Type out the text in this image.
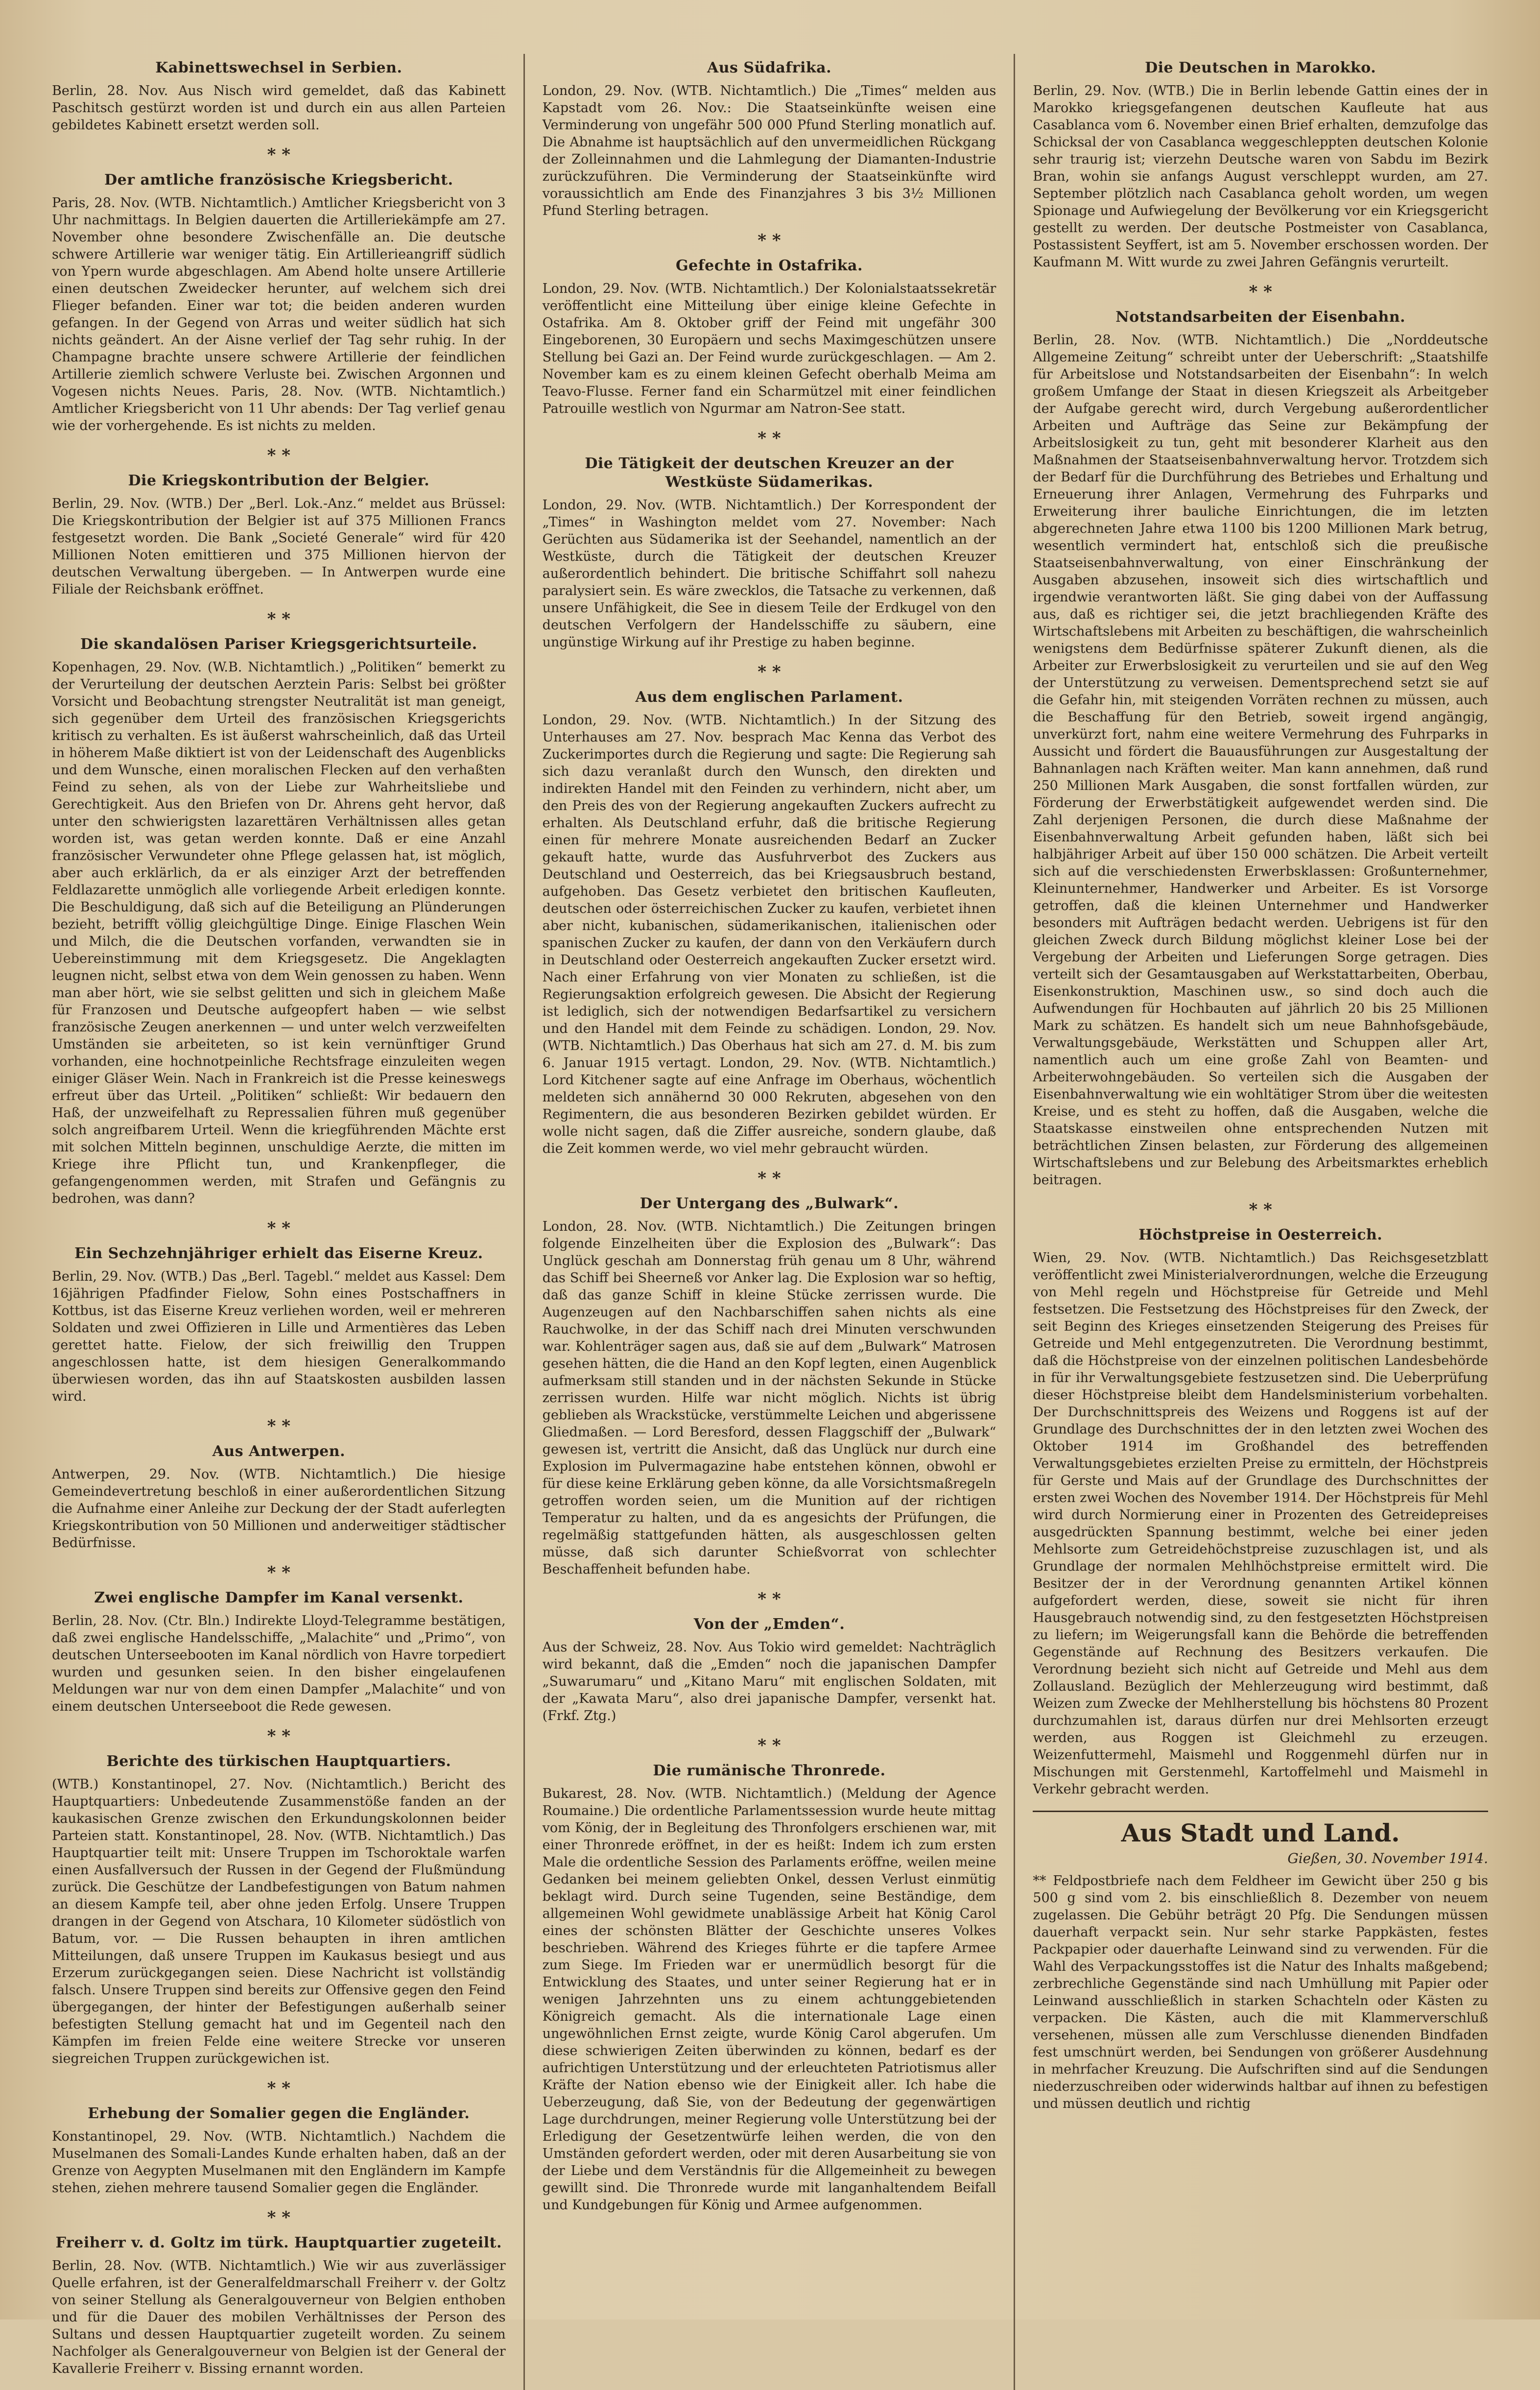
Kabinettswechsel in Serbien.

Berlin, 28. Nov. Aus Nisch wird gemeldet, daß das Kabinett Paschitsch gestürzt worden ist und durch ein aus allen Parteien gebildetes Kabinett ersetzt werden soll.

* *
Der amtliche französische Kriegsbericht.

Paris, 28. Nov. (WTB. Nichtamtlich.) Amtlicher Kriegsbericht von 3 Uhr nachmittags. In Belgien dauerten die Artilleriekämpfe am 27. November ohne besondere Zwischenfälle an. Die deutsche schwere Artillerie war weniger tätig. Ein Artillerieangriff südlich von Ypern wurde abgeschlagen. Am Abend holte unsere Artillerie einen deutschen Zweidecker herunter, auf welchem sich drei Flieger befanden. Einer war tot; die beiden anderen wurden gefangen. In der Gegend von Arras und weiter südlich hat sich nichts geändert. An der Aisne verlief der Tag sehr ruhig. In der Champagne brachte unsere schwere Artillerie der feindlichen Artillerie ziemlich schwere Verluste bei. Zwischen Argonnen und Vogesen nichts Neues. Paris, 28. Nov. (WTB. Nichtamtlich.) Amtlicher Kriegsbericht von 11 Uhr abends: Der Tag verlief genau wie der vorhergehende. Es ist nichts zu melden.

* *
Die Kriegskontribution der Belgier.

Berlin, 29. Nov. (WTB.) Der „Berl. Lok.-Anz.“ meldet aus Brüssel: Die Kriegskontribution der Belgier ist auf 375 Millionen Francs festgesetzt worden. Die Bank „Societé Generale“ wird für 420 Millionen Noten emittieren und 375 Millionen hiervon der deutschen Verwaltung übergeben. — In Antwerpen wurde eine Filiale der Reichsbank eröffnet.

* *
Die skandalösen Pariser Kriegsgerichtsurteile.

Kopenhagen, 29. Nov. (W.B. Nichtamtlich.) „Politiken“ bemerkt zu der Verurteilung der deutschen Aerztein Paris: Selbst bei größter Vorsicht und Beobachtung strengster Neutralität ist man geneigt, sich gegenüber dem Urteil des französischen Kriegsgerichts kritisch zu verhalten. Es ist äußerst wahrscheinlich, daß das Urteil in höherem Maße diktiert ist von der Leidenschaft des Augenblicks und dem Wunsche, einen moralischen Flecken auf den verhaßten Feind zu sehen, als von der Liebe zur Wahrheitsliebe und Gerechtigkeit. Aus den Briefen von Dr. Ahrens geht hervor, daß unter den schwierigsten lazarettären Verhältnissen alles getan worden ist, was getan werden konnte. Daß er eine Anzahl französischer Verwundeter ohne Pflege gelassen hat, ist möglich, aber auch erklärlich, da er als einziger Arzt der betreffenden Feldlazarette unmöglich alle vorliegende Arbeit erledigen konnte. Die Beschuldigung, daß sich auf die Beteiligung an Plünderungen bezieht, betrifft völlig gleichgültige Dinge. Einige Flaschen Wein und Milch, die die Deutschen vorfanden, verwandten sie in Uebereinstimmung mit dem Kriegsgesetz. Die Angeklagten leugnen nicht, selbst etwa von dem Wein genossen zu haben. Wenn man aber hört, wie sie selbst gelitten und sich in gleichem Maße für Franzosen und Deutsche aufgeopfert haben — wie selbst französische Zeugen anerkennen — und unter welch verzweifelten Umständen sie arbeiteten, so ist kein vernünftiger Grund vorhanden, eine hochnotpeinliche Rechtsfrage einzuleiten wegen einiger Gläser Wein. Nach in Frankreich ist die Presse keineswegs erfreut über das Urteil. „Politiken“ schließt: Wir bedauern den Haß, der unzweifelhaft zu Repressalien führen muß gegenüber solch angreifbarem Urteil. Wenn die kriegführenden Mächte erst mit solchen Mitteln beginnen, unschuldige Aerzte, die mitten im Kriege ihre Pflicht tun, und Krankenpfleger, die gefangengenommen werden, mit Strafen und Gefängnis zu bedrohen, was dann?

* *
Ein Sechzehnjähriger erhielt das Eiserne Kreuz.

Berlin, 29. Nov. (WTB.) Das „Berl. Tagebl.“ meldet aus Kassel: Dem 16jährigen Pfadfinder Fielow, Sohn eines Postschaffners in Kottbus, ist das Eiserne Kreuz verliehen worden, weil er mehreren Soldaten und zwei Offizieren in Lille und Armentières das Leben gerettet hatte. Fielow, der sich freiwillig den Truppen angeschlossen hatte, ist dem hiesigen Generalkommando überwiesen worden, das ihn auf Staatskosten ausbilden lassen wird.

* *
Aus Antwerpen.

Antwerpen, 29. Nov. (WTB. Nichtamtlich.) Die hiesige Gemeindevertretung beschloß in einer außerordentlichen Sitzung die Aufnahme einer Anleihe zur Deckung der der Stadt auferlegten Kriegskontribution von 50 Millionen und anderweitiger städtischer Bedürfnisse.

* *
Zwei englische Dampfer im Kanal versenkt.

Berlin, 28. Nov. (Ctr. Bln.) Indirekte Lloyd-Telegramme bestätigen, daß zwei englische Handelsschiffe, „Malachite“ und „Primo“, von deutschen Unterseebooten im Kanal nördlich von Havre torpediert wurden und gesunken seien. In den bisher eingelaufenen Meldungen war nur von dem einen Dampfer „Malachite“ und von einem deutschen Unterseeboot die Rede gewesen.

* *
Berichte des türkischen Hauptquartiers.

(WTB.) Konstantinopel, 27. Nov. (Nichtamtlich.) Bericht des Hauptquartiers: Unbedeutende Zusammenstöße fanden an der kaukasischen Grenze zwischen den Erkundungskolonnen beider Parteien statt. Konstantinopel, 28. Nov. (WTB. Nichtamtlich.) Das Hauptquartier teilt mit: Unsere Truppen im Tschoroktale warfen einen Ausfallversuch der Russen in der Gegend der Flußmündung zurück. Die Geschütze der Landbefestigungen von Batum nahmen an diesem Kampfe teil, aber ohne jeden Erfolg. Unsere Truppen drangen in der Gegend von Atschara, 10 Kilometer südöstlich von Batum, vor. — Die Russen behaupten in ihren amtlichen Mitteilungen, daß unsere Truppen im Kaukasus besiegt und aus Erzerum zurückgegangen seien. Diese Nachricht ist vollständig falsch. Unsere Truppen sind bereits zur Offensive gegen den Feind übergegangen, der hinter der Befestigungen außerhalb seiner befestigten Stellung gemacht hat und im Gegenteil nach den Kämpfen im freien Felde eine weitere Strecke vor unseren siegreichen Truppen zurückgewichen ist.

* *
Erhebung der Somalier gegen die Engländer.

Konstantinopel, 29. Nov. (WTB. Nichtamtlich.) Nachdem die Muselmanen des Somali-Landes Kunde erhalten haben, daß an der Grenze von Aegypten Muselmanen mit den Engländern im Kampfe stehen, ziehen mehrere tausend Somalier gegen die Engländer.

* *
Freiherr v. d. Goltz im türk. Hauptquartier zugeteilt.

Berlin, 28. Nov. (WTB. Nichtamtlich.) Wie wir aus zuverlässiger Quelle erfahren, ist der Generalfeldmarschall Freiherr v. der Goltz von seiner Stellung als Generalgouverneur von Belgien enthoben und für die Dauer des mobilen Verhältnisses der Person des Sultans und dessen Hauptquartier zugeteilt worden. Zu seinem Nachfolger als Generalgouverneur von Belgien ist der General der Kavallerie Freiherr v. Bissing ernannt worden.

Aus Südafrika.

London, 29. Nov. (WTB. Nichtamtlich.) Die „Times“ melden aus Kapstadt vom 26. Nov.: Die Staatseinkünfte weisen eine Verminderung von ungefähr 500 000 Pfund Sterling monatlich auf. Die Abnahme ist hauptsächlich auf den unvermeidlichen Rückgang der Zolleinnahmen und die Lahmlegung der Diamanten-Industrie zurückzuführen. Die Verminderung der Staatseinkünfte wird voraussichtlich am Ende des Finanzjahres 3 bis 3½ Millionen Pfund Sterling betragen.

* *
Gefechte in Ostafrika.

London, 29. Nov. (WTB. Nichtamtlich.) Der Kolonialstaatssekretär veröffentlicht eine Mitteilung über einige kleine Gefechte in Ostafrika. Am 8. Oktober griff der Feind mit ungefähr 300 Eingeborenen, 30 Europäern und sechs Maximgeschützen unsere Stellung bei Gazi an. Der Feind wurde zurückgeschlagen. — Am 2. November kam es zu einem kleinen Gefecht oberhalb Meima am Teavo-Flusse. Ferner fand ein Scharmützel mit einer feindlichen Patrouille westlich von Ngurmar am Natron-See statt.

* *
Die Tätigkeit der deutschen Kreuzer an der Westküste Südamerikas.

London, 29. Nov. (WTB. Nichtamtlich.) Der Korrespondent der „Times“ in Washington meldet vom 27. November: Nach Gerüchten aus Südamerika ist der Seehandel, namentlich an der Westküste, durch die Tätigkeit der deutschen Kreuzer außerordentlich behindert. Die britische Schiffahrt soll nahezu paralysiert sein. Es wäre zwecklos, die Tatsache zu verkennen, daß unsere Unfähigkeit, die See in diesem Teile der Erdkugel von den deutschen Verfolgern der Handelsschiffe zu säubern, eine ungünstige Wirkung auf ihr Prestige zu haben beginne.

* *
Aus dem englischen Parlament.

London, 29. Nov. (WTB. Nichtamtlich.) In der Sitzung des Unterhauses am 27. Nov. besprach Mac Kenna das Verbot des Zuckerimportes durch die Regierung und sagte: Die Regierung sah sich dazu veranlaßt durch den Wunsch, den direkten und indirekten Handel mit den Feinden zu verhindern, nicht aber, um den Preis des von der Regierung angekauften Zuckers aufrecht zu erhalten. Als Deutschland erfuhr, daß die britische Regierung einen für mehrere Monate ausreichenden Bedarf an Zucker gekauft hatte, wurde das Ausfuhrverbot des Zuckers aus Deutschland und Oesterreich, das bei Kriegsausbruch bestand, aufgehoben. Das Gesetz verbietet den britischen Kaufleuten, deutschen oder österreichischen Zucker zu kaufen, verbietet ihnen aber nicht, kubanischen, südamerikanischen, italienischen oder spanischen Zucker zu kaufen, der dann von den Verkäufern durch in Deutschland oder Oesterreich angekauften Zucker ersetzt wird. Nach einer Erfahrung von vier Monaten zu schließen, ist die Regierungsaktion erfolgreich gewesen. Die Absicht der Regierung ist lediglich, sich der notwendigen Bedarfsartikel zu versichern und den Handel mit dem Feinde zu schädigen. London, 29. Nov. (WTB. Nichtamtlich.) Das Oberhaus hat sich am 27. d. M. bis zum 6. Januar 1915 vertagt. London, 29. Nov. (WTB. Nichtamtlich.) Lord Kitchener sagte auf eine Anfrage im Oberhaus, wöchentlich meldeten sich annähernd 30 000 Rekruten, abgesehen von den Regimentern, die aus besonderen Bezirken gebildet würden. Er wolle nicht sagen, daß die Ziffer ausreiche, sondern glaube, daß die Zeit kommen werde, wo viel mehr gebraucht würden.

* *
Der Untergang des „Bulwark“.

London, 28. Nov. (WTB. Nichtamtlich.) Die Zeitungen bringen folgende Einzelheiten über die Explosion des „Bulwark“: Das Unglück geschah am Donnerstag früh genau um 8 Uhr, während das Schiff bei Sheerneß vor Anker lag. Die Explosion war so heftig, daß das ganze Schiff in kleine Stücke zerrissen wurde. Die Augenzeugen auf den Nachbarschiffen sahen nichts als eine Rauchwolke, in der das Schiff nach drei Minuten verschwunden war. Kohlenträger sagen aus, daß sie auf dem „Bulwark“ Matrosen gesehen hätten, die die Hand an den Kopf legten, einen Augenblick aufmerksam still standen und in der nächsten Sekunde in Stücke zerrissen wurden. Hilfe war nicht möglich. Nichts ist übrig geblieben als Wrackstücke, verstümmelte Leichen und abgerissene Gliedmaßen. — Lord Beresford, dessen Flaggschiff der „Bulwark“ gewesen ist, vertritt die Ansicht, daß das Unglück nur durch eine Explosion im Pulvermagazine habe entstehen können, obwohl er für diese keine Erklärung geben könne, da alle Vorsichtsmaßregeln getroffen worden seien, um die Munition auf der richtigen Temperatur zu halten, und da es angesichts der Prüfungen, die regelmäßig stattgefunden hätten, als ausgeschlossen gelten müsse, daß sich darunter Schießvorrat von schlechter Beschaffenheit befunden habe.

* *
Von der „Emden“.

Aus der Schweiz, 28. Nov. Aus Tokio wird gemeldet: Nachträglich wird bekannt, daß die „Emden“ noch die japanischen Dampfer „Suwarumaru“ und „Kitano Maru“ mit englischen Soldaten, mit der „Kawata Maru“, also drei japanische Dampfer, versenkt hat. (Frkf. Ztg.)

* *
Die rumänische Thronrede.

Bukarest, 28. Nov. (WTB. Nichtamtlich.) (Meldung der Agence Roumaine.) Die ordentliche Parlamentssession wurde heute mittag vom König, der in Begleitung des Thronfolgers erschienen war, mit einer Thronrede eröffnet, in der es heißt: Indem ich zum ersten Male die ordentliche Session des Parlaments eröffne, weilen meine Gedanken bei meinem geliebten Onkel, dessen Verlust einmütig beklagt wird. Durch seine Tugenden, seine Beständige, dem allgemeinen Wohl gewidmete unablässige Arbeit hat König Carol eines der schönsten Blätter der Geschichte unseres Volkes beschrieben. Während des Krieges führte er die tapfere Armee zum Siege. Im Frieden war er unermüdlich besorgt für die Entwicklung des Staates, und unter seiner Regierung hat er in wenigen Jahrzehnten uns zu einem achtunggebietenden Königreich gemacht. Als die internationale Lage einen ungewöhnlichen Ernst zeigte, wurde König Carol abgerufen. Um diese schwierigen Zeiten überwinden zu können, bedarf es der aufrichtigen Unterstützung und der erleuchteten Patriotismus aller Kräfte der Nation ebenso wie der Einigkeit aller. Ich habe die Ueberzeugung, daß Sie, von der Bedeutung der gegenwärtigen Lage durchdrungen, meiner Regierung volle Unterstützung bei der Erledigung der Gesetzentwürfe leihen werden, die von den Umständen gefordert werden, oder mit deren Ausarbeitung sie von der Liebe und dem Verständnis für die Allgemeinheit zu bewegen gewillt sind. Die Thronrede wurde mit langanhaltendem Beifall und Kundgebungen für König und Armee aufgenommen.

Die Deutschen in Marokko.

Berlin, 29. Nov. (WTB.) Die in Berlin lebende Gattin eines der in Marokko kriegsgefangenen deutschen Kaufleute hat aus Casablanca vom 6. November einen Brief erhalten, demzufolge das Schicksal der von Casablanca weggeschleppten deutschen Kolonie sehr traurig ist; vierzehn Deutsche waren von Sabdu im Bezirk Bran, wohin sie anfangs August verschleppt wurden, am 27. September plötzlich nach Casablanca geholt worden, um wegen Spionage und Aufwiegelung der Bevölkerung vor ein Kriegsgericht gestellt zu werden. Der deutsche Postmeister von Casablanca, Postassistent Seyffert, ist am 5. November erschossen worden. Der Kaufmann M. Witt wurde zu zwei Jahren Gefängnis verurteilt.

* *
Notstandsarbeiten der Eisenbahn.

Berlin, 28. Nov. (WTB. Nichtamtlich.) Die „Norddeutsche Allgemeine Zeitung“ schreibt unter der Ueberschrift: „Staatshilfe für Arbeitslose und Notstandsarbeiten der Eisenbahn“: In welch großem Umfange der Staat in diesen Kriegszeit als Arbeitgeber der Aufgabe gerecht wird, durch Vergebung außerordentlicher Arbeiten und Aufträge das Seine zur Bekämpfung der Arbeitslosigkeit zu tun, geht mit besonderer Klarheit aus den Maßnahmen der Staatseisenbahnverwaltung hervor. Trotzdem sich der Bedarf für die Durchführung des Betriebes und Erhaltung und Erneuerung ihrer Anlagen, Vermehrung des Fuhrparks und Erweiterung ihrer bauliche Einrichtungen, die im letzten abgerechneten Jahre etwa 1100 bis 1200 Millionen Mark betrug, wesentlich vermindert hat, entschloß sich die preußische Staatseisenbahnverwaltung, von einer Einschränkung der Ausgaben abzusehen, insoweit sich dies wirtschaftlich und irgendwie verantworten läßt. Sie ging dabei von der Auffassung aus, daß es richtiger sei, die jetzt brachliegenden Kräfte des Wirtschaftslebens mit Arbeiten zu beschäftigen, die wahrscheinlich wenigstens dem Bedürfnisse späterer Zukunft dienen, als die Arbeiter zur Erwerbslosigkeit zu verurteilen und sie auf den Weg der Unterstützung zu verweisen. Dementsprechend setzt sie auf die Gefahr hin, mit steigenden Vorräten rechnen zu müssen, auch die Beschaffung für den Betrieb, soweit irgend angängig, unverkürzt fort, nahm eine weitere Vermehrung des Fuhrparks in Aussicht und fördert die Bauausführungen zur Ausgestaltung der Bahnanlagen nach Kräften weiter. Man kann annehmen, daß rund 250 Millionen Mark Ausgaben, die sonst fortfallen würden, zur Förderung der Erwerbstätigkeit aufgewendet werden sind. Die Zahl derjenigen Personen, die durch diese Maßnahme der Eisenbahnverwaltung Arbeit gefunden haben, läßt sich bei halbjähriger Arbeit auf über 150 000 schätzen. Die Arbeit verteilt sich auf die verschiedensten Erwerbsklassen: Großunternehmer, Kleinunternehmer, Handwerker und Arbeiter. Es ist Vorsorge getroffen, daß die kleinen Unternehmer und Handwerker besonders mit Aufträgen bedacht werden. Uebrigens ist für den gleichen Zweck durch Bildung möglichst kleiner Lose bei der Vergebung der Arbeiten und Lieferungen Sorge getragen. Dies verteilt sich der Gesamtausgaben auf Werkstattarbeiten, Oberbau, Eisenkonstruktion, Maschinen usw., so sind doch auch die Aufwendungen für Hochbauten auf jährlich 20 bis 25 Millionen Mark zu schätzen. Es handelt sich um neue Bahnhofsgebäude, Verwaltungsgebäude, Werkstätten und Schuppen aller Art, namentlich auch um eine große Zahl von Beamten- und Arbeiterwohngebäuden. So verteilen sich die Ausgaben der Eisenbahnverwaltung wie ein wohltätiger Strom über die weitesten Kreise, und es steht zu hoffen, daß die Ausgaben, welche die Staatskasse einstweilen ohne entsprechenden Nutzen mit beträchtlichen Zinsen belasten, zur Förderung des allgemeinen Wirtschaftslebens und zur Belebung des Arbeitsmarktes erheblich beitragen.

* *
Höchstpreise in Oesterreich.

Wien, 29. Nov. (WTB. Nichtamtlich.) Das Reichsgesetzblatt veröffentlicht zwei Ministerialverordnungen, welche die Erzeugung von Mehl regeln und Höchstpreise für Getreide und Mehl festsetzen. Die Festsetzung des Höchstpreises für den Zweck, der seit Beginn des Krieges einsetzenden Steigerung des Preises für Getreide und Mehl entgegenzutreten. Die Verordnung bestimmt, daß die Höchstpreise von der einzelnen politischen Landesbehörde in für ihr Verwaltungsgebiete festzusetzen sind. Die Ueberprüfung dieser Höchstpreise bleibt dem Handelsministerium vorbehalten. Der Durchschnittspreis des Weizens und Roggens ist auf der Grundlage des Durchschnittes der in den letzten zwei Wochen des Oktober 1914 im Großhandel des betreffenden Verwaltungsgebietes erzielten Preise zu ermitteln, der Höchstpreis für Gerste und Mais auf der Grundlage des Durchschnittes der ersten zwei Wochen des November 1914. Der Höchstpreis für Mehl wird durch Normierung einer in Prozenten des Getreidepreises ausgedrückten Spannung bestimmt, welche bei einer jeden Mehlsorte zum Getreidehöchstpreise zuzuschlagen ist, und als Grundlage der normalen Mehlhöchstpreise ermittelt wird. Die Besitzer der in der Verordnung genannten Artikel können aufgefordert werden, diese, soweit sie nicht für ihren Hausgebrauch notwendig sind, zu den festgesetzten Höchstpreisen zu liefern; im Weigerungsfall kann die Behörde die betreffenden Gegenstände auf Rechnung des Besitzers verkaufen. Die Verordnung bezieht sich nicht auf Getreide und Mehl aus dem Zollausland. Bezüglich der Mehlerzeugung wird bestimmt, daß Weizen zum Zwecke der Mehlherstellung bis höchstens 80 Prozent durchzumahlen ist, daraus dürfen nur drei Mehlsorten erzeugt werden, aus Roggen ist Gleichmehl zu erzeugen. Weizenfuttermehl, Maismehl und Roggenmehl dürfen nur in Mischungen mit Gerstenmehl, Kartoffelmehl und Maismehl in Verkehr gebracht werden.

Aus Stadt und Land.
Gießen, 30. November 1914.

** Feldpostbriefe nach dem Feldheer im Gewicht über 250 g bis 500 g sind vom 2. bis einschließlich 8. Dezember von neuem zugelassen. Die Gebühr beträgt 20 Pfg. Die Sendungen müssen dauerhaft verpackt sein. Nur sehr starke Pappkästen, festes Packpapier oder dauerhafte Leinwand sind zu verwenden. Für die Wahl des Verpackungsstoffes ist die Natur des Inhalts maßgebend; zerbrechliche Gegenstände sind nach Umhüllung mit Papier oder Leinwand ausschließlich in starken Schachteln oder Kästen zu verpacken. Die Kästen, auch die mit Klammerverschluß versehenen, müssen alle zum Verschlusse dienenden Bindfaden fest umschnürt werden, bei Sendungen von größerer Ausdehnung in mehrfacher Kreuzung. Die Aufschriften sind auf die Sendungen niederzuschreiben oder widerwinds haltbar auf ihnen zu befestigen und müssen deutlich und richtig
